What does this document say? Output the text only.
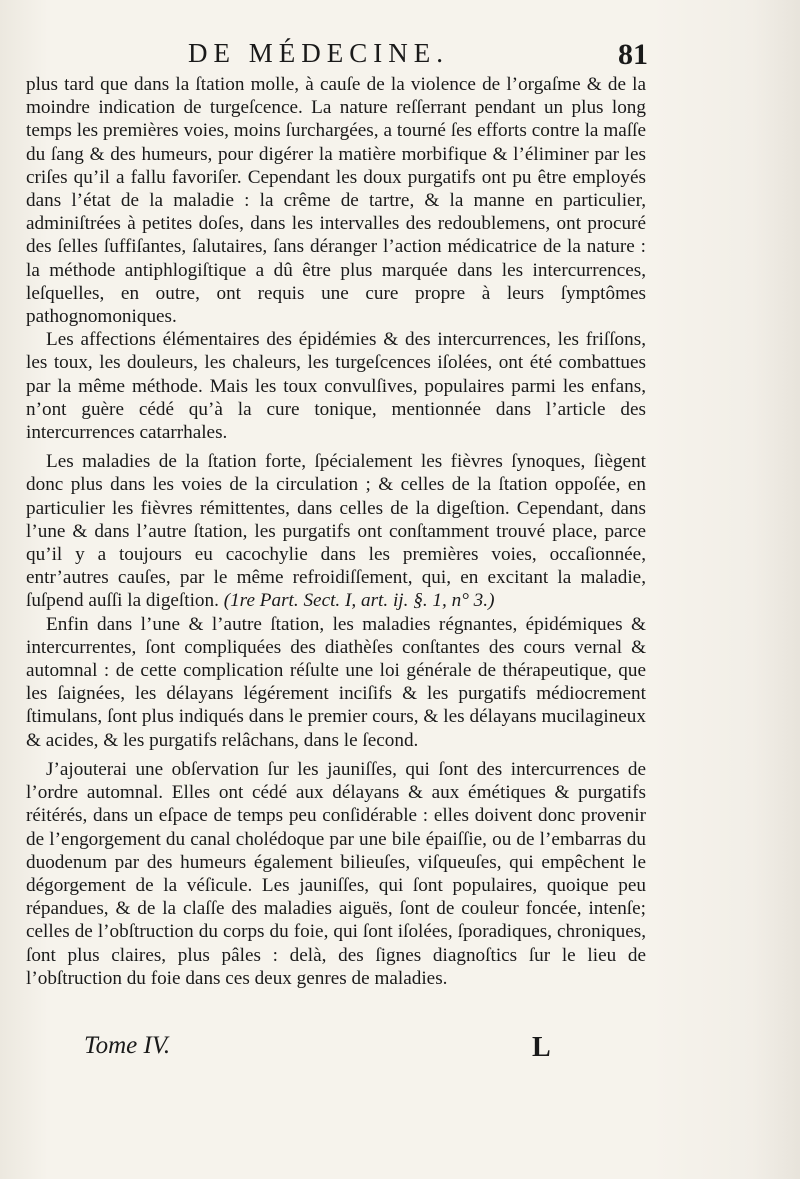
DE MÉDECINE.	81

plus tard que dans la ſtation molle, à cauſe de la violence de l’orgaſme & de la moindre indication de turgeſcence. La nature reſſerrant pendant un plus long temps les premières voies, moins ſurchargées, a tourné ſes efforts contre la maſſe du ſang & des humeurs, pour digérer la matière morbifique & l’éliminer par les criſes qu’il a fallu favoriſer. Cependant les doux purgatifs ont pu être employés dans l’état de la maladie : la crême de tartre, & la manne en particulier, adminiſtrées à petites doſes, dans les intervalles des redoublemens, ont procuré des ſelles ſuffiſantes, ſalutaires, ſans déranger l’action médicatrice de la nature : la méthode antiphlogiſtique a dû être plus marquée dans les intercurrences, leſquelles, en outre, ont requis une cure propre à leurs ſymptômes pathognomoniques.

Les affections élémentaires des épidémies & des intercurrences, les friſſons, les toux, les douleurs, les chaleurs, les turgeſcences iſolées, ont été combattues par la même méthode. Mais les toux convulſives, populaires parmi les enfans, n’ont guère cédé qu’à la cure tonique, mentionnée dans l’article des intercurrences catarrhales.

Les maladies de la ſtation forte, ſpécialement les fièvres ſynoques, ſiègent donc plus dans les voies de la circulation ; & celles de la ſtation oppoſée, en particulier les fièvres rémittentes, dans celles de la digeſtion. Cependant, dans l’une & dans l’autre ſtation, les purgatifs ont conſtamment trouvé place, parce qu’il y a toujours eu cacochylie dans les premières voies, occaſionnée, entr’autres cauſes, par le même refroidiſſement, qui, en excitant la maladie, ſuſpend auſſi la digeſtion. (1re Part. Sect. I, art. ij. §. 1, n° 3.)

Enfin dans l’une & l’autre ſtation, les maladies régnantes, épidémiques & intercurrentes, ſont compliquées des diathèſes conſtantes des cours vernal & automnal : de cette complication réſulte une loi générale de thérapeutique, que les ſaignées, les délayans légérement inciſifs & les purgatifs médiocrement ſtimulans, ſont plus indiqués dans le premier cours, & les délayans mucilagineux & acides, & les purgatifs relâchans, dans le ſecond.

J’ajouterai une obſervation ſur les jauniſſes, qui ſont des intercurrences de l’ordre automnal. Elles ont cédé aux délayans & aux émétiques & purgatifs réitérés, dans un eſpace de temps peu conſidérable : elles doivent donc provenir de l’engorgement du canal cholédoque par une bile épaiſſie, ou de l’embarras du duodenum par des humeurs également bilieuſes, viſqueuſes, qui empêchent le dégorgement de la véſicule. Les jauniſſes, qui ſont populaires, quoique peu répandues, & de la claſſe des maladies aiguës, ſont de couleur foncée, intenſe; celles de l’obſtruction du corps du foie, qui ſont iſolées, ſporadiques, chroniques, ſont plus claires, plus pâles : delà, des ſignes diagnoſtics ſur le lieu de l’obſtruction du foie dans ces deux genres de maladies.

Tome IV.	L
